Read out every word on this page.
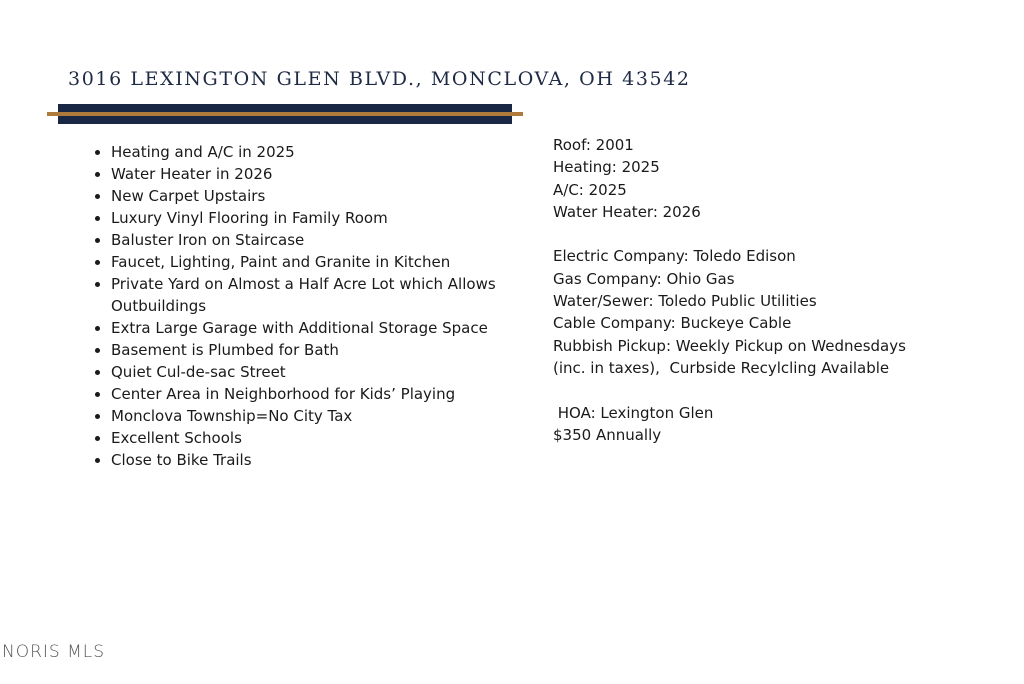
3016 LEXINGTON GLEN BLVD., MONCLOVA, OH 43542
• Heating and A/C in 2025
• Water Heater in 2026
• New Carpet Upstairs
• Luxury Vinyl Flooring in Family Room
• Baluster Iron on Staircase
• Faucet, Lighting, Paint and Granite in Kitchen
• Private Yard on Almost a Half Acre Lot which Allows Outbuildings
• Extra Large Garage with Additional Storage Space
• Basement is Plumbed for Bath
• Quiet Cul-de-sac Street
• Center Area in Neighborhood for Kids’ Playing
• Monclova Township=No City Tax
• Excellent Schools
• Close to Bike Trails
Roof: 2001
Heating: 2025
A/C: 2025
Water Heater: 2026
Electric Company: Toledo Edison
Gas Company: Ohio Gas
Water/Sewer: Toledo Public Utilities
Cable Company: Buckeye Cable
Rubbish Pickup: Weekly Pickup on Wednesdays
(inc. in taxes),  Curbside Recylcling Available
HOA: Lexington Glen
$350 Annually
NORIS MLS
